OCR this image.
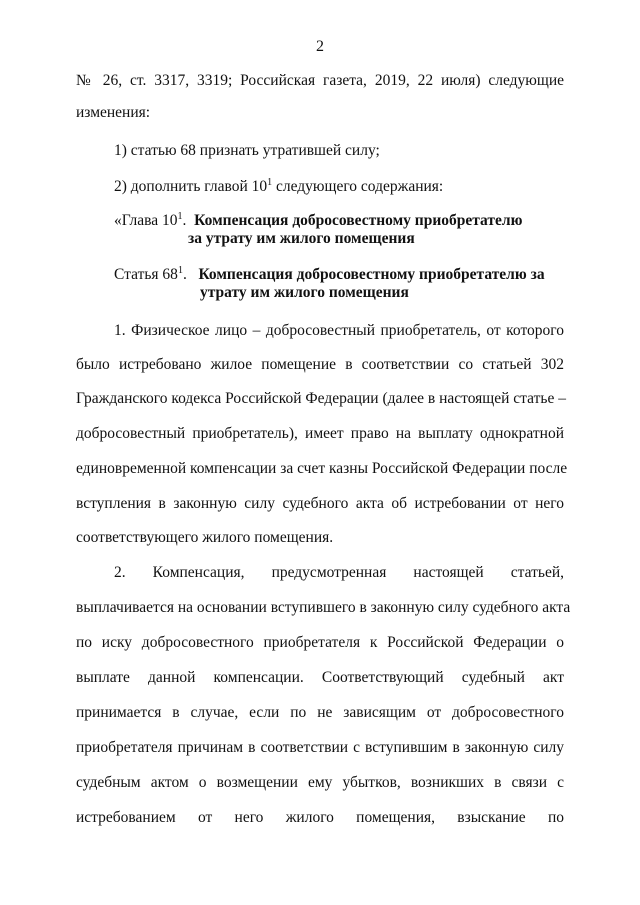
2
№ 26, ст. 3317, 3319; Российская газета, 2019, 22 июля) следующие
изменения:
1) статью 68 признать утратившей силу;
2) дополнить главой $10^1$ следующего содержания:
«Глава $10^1$. Компенсация добросовестному приобретателю
за утрату им жилого помещения
Статья $68^1$. Компенсация добросовестному приобретателю за
утрату им жилого помещения
1. Физическое лицо – добросовестный приобретатель, от которого
было истребовано жилое помещение в соответствии со статьей 302
Гражданского кодекса Российской Федерации (далее в настоящей статье –
добросовестный приобретатель), имеет право на выплату однократной
единовременной компенсации за счет казны Российской Федерации после
вступления в законную силу судебного акта об истребовании от него
соответствующего жилого помещения.
2. Компенсация, предусмотренная настоящей статьей,
выплачивается на основании вступившего в законную силу судебного акта
по иску добросовестного приобретателя к Российской Федерации о
выплате данной компенсации. Соответствующий судебный акт
принимается в случае, если по не зависящим от добросовестного
приобретателя причинам в соответствии с вступившим в законную силу
судебным актом о возмещении ему убытков, возникших в связи с
истребованием от него жилого помещения, взыскание по
